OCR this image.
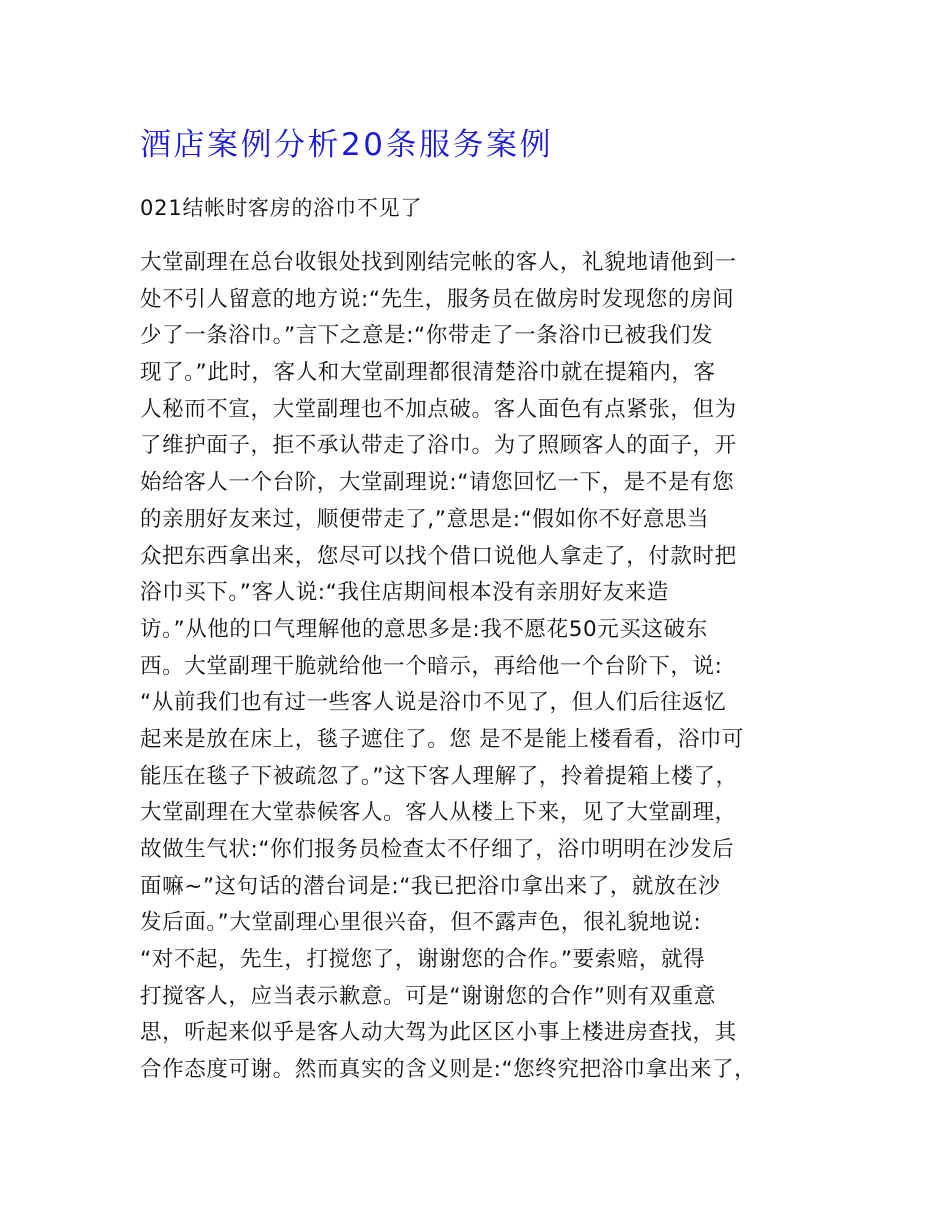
酒店案例分析20条服务案例
021结帐时客房的浴巾不见了
大堂副理在总台收银处找到刚结完帐的客人，礼貌地请他到一
处不引人留意的地方说:“先生，服务员在做房时发现您的房间
少了一条浴巾。”言下之意是:“你带走了一条浴巾已被我们发
现了。”此时，客人和大堂副理都很清楚浴巾就在提箱内，客
人秘而不宣，大堂副理也不加点破。客人面色有点紧张，但为
了维护面子，拒不承认带走了浴巾。为了照顾客人的面子，开
始给客人一个台阶，大堂副理说:“请您回忆一下，是不是有您
的亲朋好友来过，顺便带走了,”意思是:“假如你不好意思当
众把东西拿出来，您尽可以找个借口说他人拿走了，付款时把
浴巾买下。”客人说:“我住店期间根本没有亲朋好友来造
访。”从他的口气理解他的意思多是:我不愿花50元买这破东
西。大堂副理干脆就给他一个暗示，再给他一个台阶下，说:
“从前我们也有过一些客人说是浴巾不见了，但人们后往返忆
起来是放在床上，毯子遮住了。您 是不是能上楼看看，浴巾可
能压在毯子下被疏忽了。”这下客人理解了，拎着提箱上楼了，
大堂副理在大堂恭候客人。客人从楼上下来，见了大堂副理，
故做生气状:“你们报务员检查太不仔细了，浴巾明明在沙发后
面嘛~”这句话的潜台词是:“我已把浴巾拿出来了，就放在沙
发后面。”大堂副理心里很兴奋，但不露声色，很礼貌地说:
“对不起，先生，打搅您了，谢谢您的合作。”要索赔，就得
打搅客人，应当表示歉意。可是“谢谢您的合作”则有双重意
思，听起来似乎是客人动大驾为此区区小事上楼进房查找，其
合作态度可谢。然而真实的含义则是:“您终究把浴巾拿出来了，
